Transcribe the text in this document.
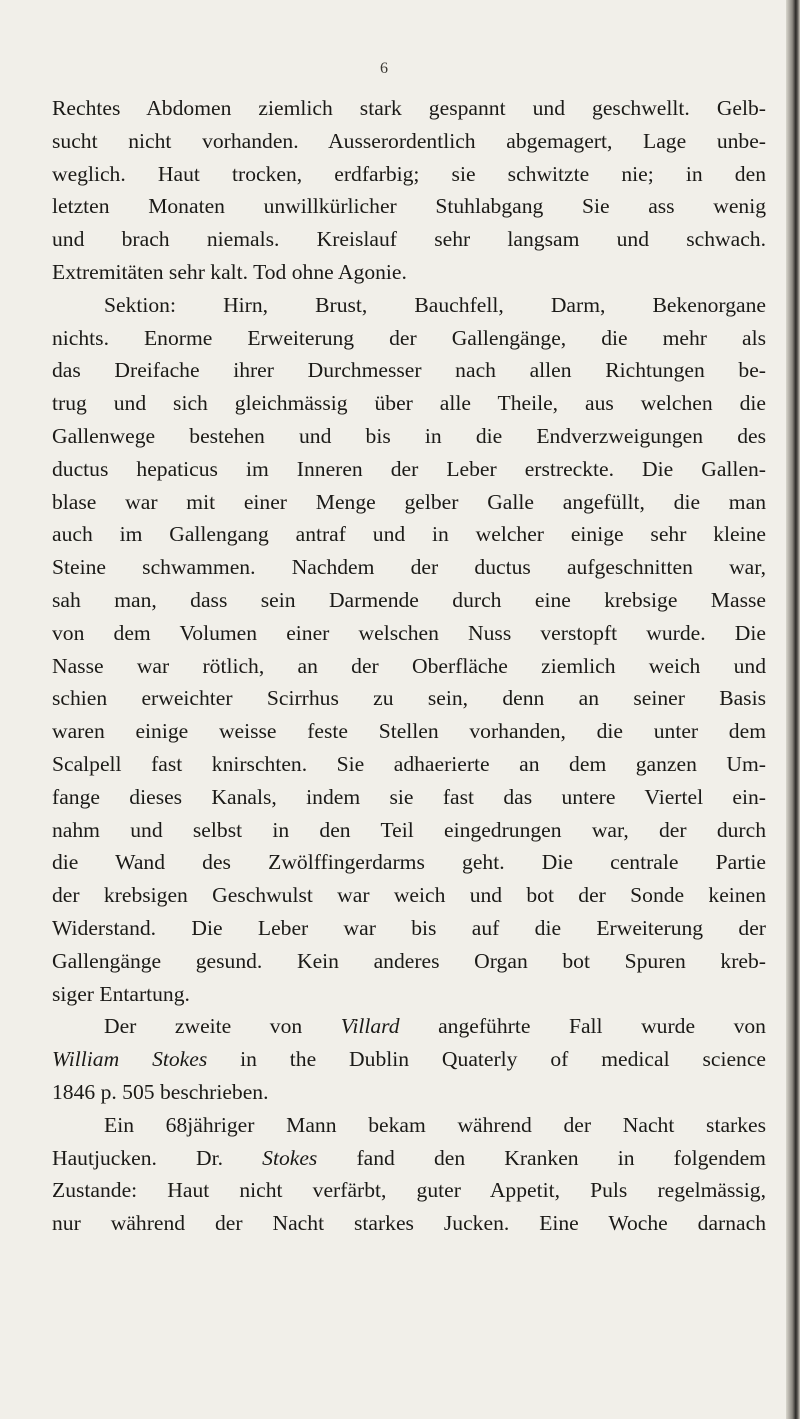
6
Rechtes Abdomen ziemlich stark gespannt und geschwellt. Gelb-
sucht nicht vorhanden. Ausserordentlich abgemagert, Lage unbe-
weglich. Haut trocken, erdfarbig; sie schwitzte nie; in den
letzten Monaten unwillkürlicher Stuhlabgang Sie ass wenig
und brach niemals. Kreislauf sehr langsam und schwach.
Extremitäten sehr kalt. Tod ohne Agonie.
Sektion: Hirn, Brust, Bauchfell, Darm, Bekenorgane
nichts. Enorme Erweiterung der Gallengänge, die mehr als
das Dreifache ihrer Durchmesser nach allen Richtungen be-
trug und sich gleichmässig über alle Theile, aus welchen die
Gallenwege bestehen und bis in die Endverzweigungen des
ductus hepaticus im Inneren der Leber erstreckte. Die Gallen-
blase war mit einer Menge gelber Galle angefüllt, die man
auch im Gallengang antraf und in welcher einige sehr kleine
Steine schwammen. Nachdem der ductus aufgeschnitten war,
sah man, dass sein Darmende durch eine krebsige Masse
von dem Volumen einer welschen Nuss verstopft wurde. Die
Nasse war rötlich, an der Oberfläche ziemlich weich und
schien erweichter Scirrhus zu sein, denn an seiner Basis
waren einige weisse feste Stellen vorhanden, die unter dem
Scalpell fast knirschten. Sie adhaerierte an dem ganzen Um-
fange dieses Kanals, indem sie fast das untere Viertel ein-
nahm und selbst in den Teil eingedrungen war, der durch
die Wand des Zwölffingerdarms geht. Die centrale Partie
der krebsigen Geschwulst war weich und bot der Sonde keinen
Widerstand. Die Leber war bis auf die Erweiterung der
Gallengänge gesund. Kein anderes Organ bot Spuren kreb-
siger Entartung.
Der zweite von Villard angeführte Fall wurde von
William Stokes in the Dublin Quaterly of medical science
1846 p. 505 beschrieben.
Ein 68jähriger Mann bekam während der Nacht starkes
Hautjucken. Dr. Stokes fand den Kranken in folgendem
Zustande: Haut nicht verfärbt, guter Appetit, Puls regelmässig,
nur während der Nacht starkes Jucken. Eine Woche darnach
